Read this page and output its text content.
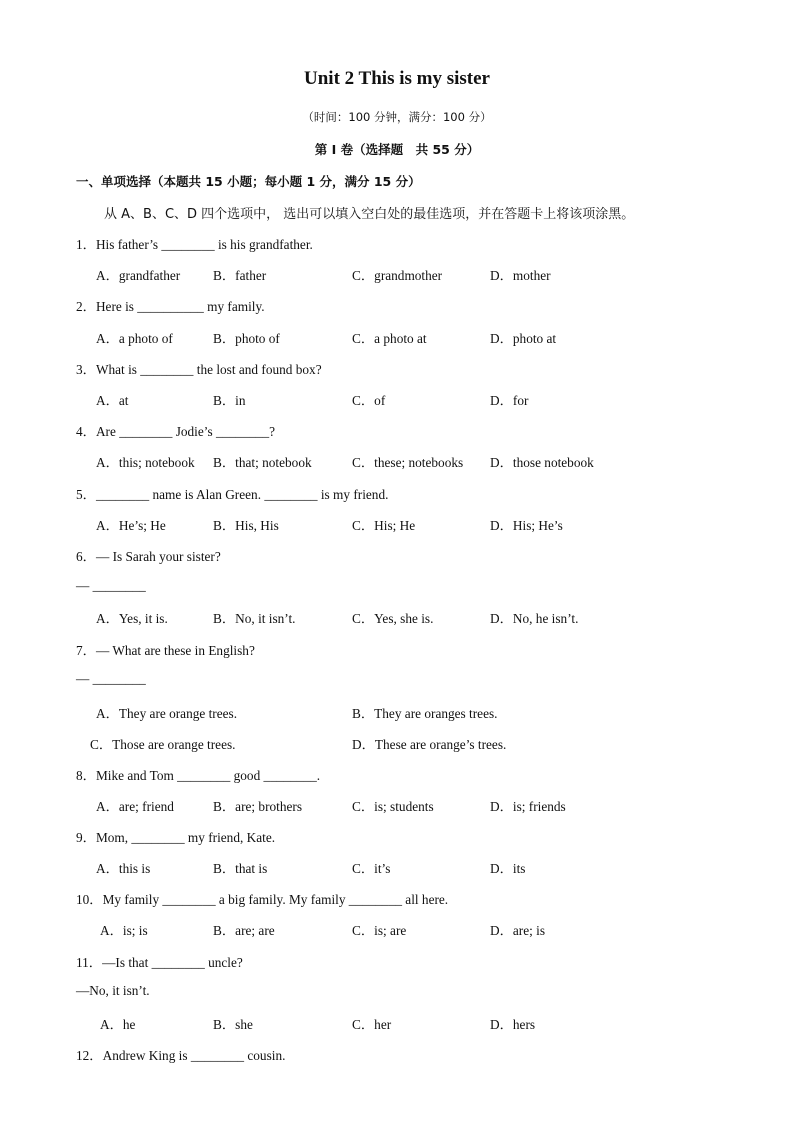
Unit 2 This is my sister
（时间：100 分钟，满分：100 分）
第 I 卷（选择题　共 55 分）
一、单项选择（本题共 15 小题；每小题 1 分，满分 15 分）
从 A、B、C、D 四个选项中， 选出可以填入空白处的最佳选项，并在答题卡上将该项涂黑。
1．His father’s ________ is his grandfather.
A．grandfather B．father	C．grandmother	D．mother
2．Here is __________ my family.
A．a photo of	B．photo of	C．a photo at	D．photo at
3．What is ________ the lost and found box?
A．at	B．in	C．of	D．for
4．Are ________ Jodie’s ________?
A．this; notebook B．that; notebook	C．these; notebooks D．those notebook
5．________ name is Alan Green. ________ is my friend.
A．He’s; He	B．His, His	C．His; He	D．His; He’s
6．— Is Sarah your sister?
— ________
A．Yes, it is.	B．No, it isn’t.	C．Yes, she is.	D．No, he isn’t.
7．— What are these in English?
— ________
A．They are orange trees.	B．They are oranges trees.
C．Those are orange trees.	D．These are orange’s trees.
8．Mike and Tom ________ good ________.
A．are; friend	B．are; brothers	C．is; students	D．is; friends
9．Mom, ________ my friend, Kate.
A．this is	B．that is	C．it’s	D．its
10．My family ________ a big family. My family ________ all here.
A．is; is	B．are; are	C．is; are	D．are; is
11．—Is that ________ uncle?
—No, it isn’t.
A．he	B．she	C．her	D．hers
12．Andrew King is ________ cousin.
